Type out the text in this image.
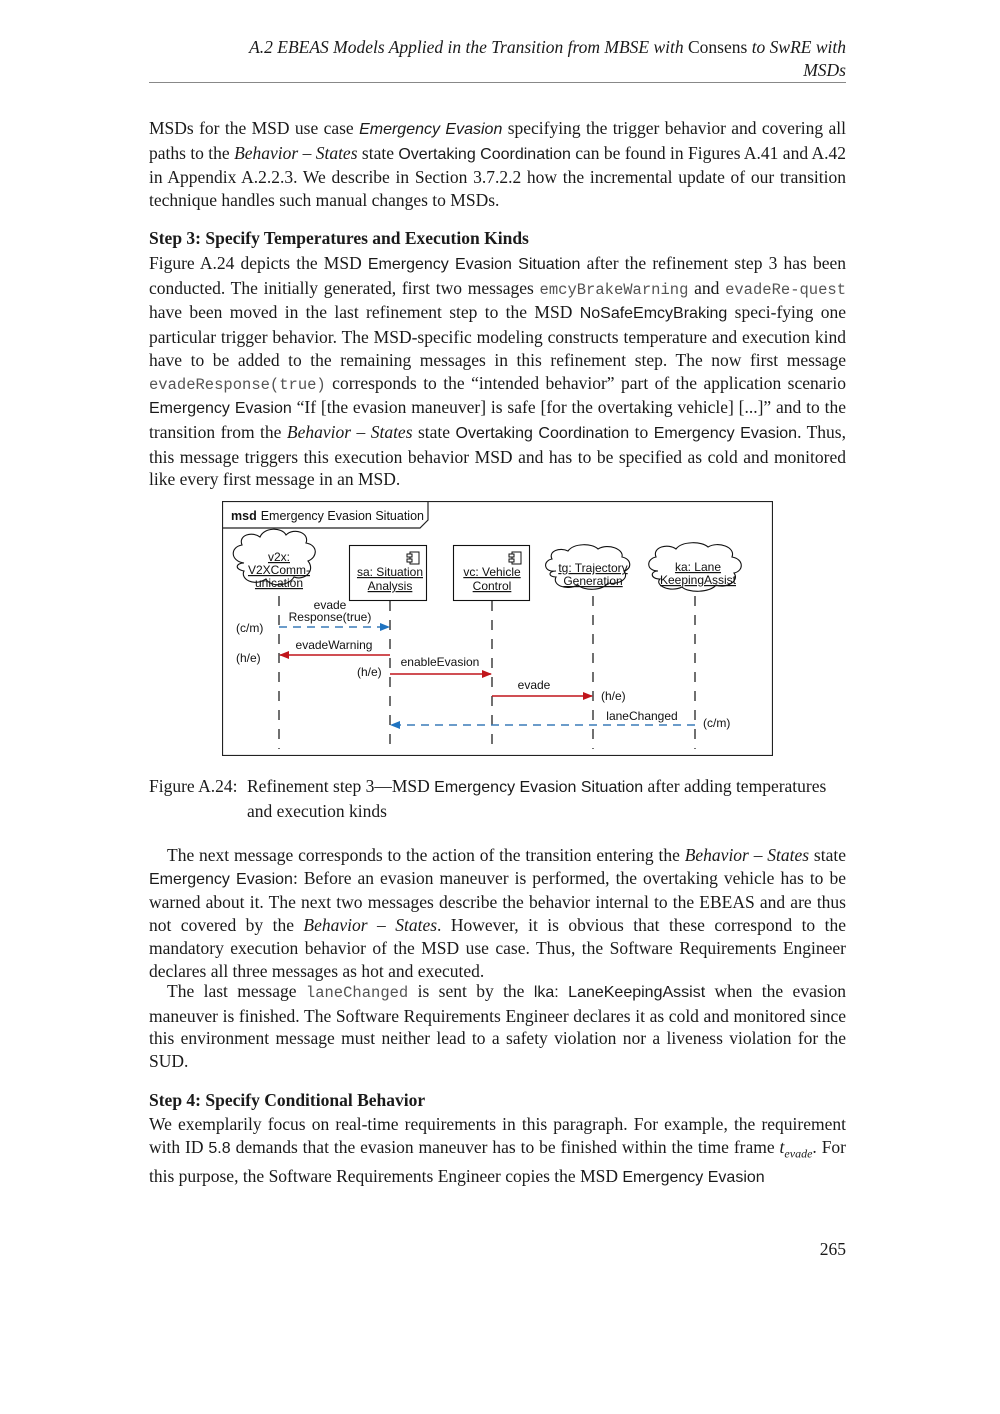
A.2 EBEAS Models Applied in the Transition from MBSE with Consens to SwRE with
MSDs
MSDs for the MSD use case Emergency Evasion specifying the trigger behavior and covering all paths to the Behavior – States state Overtaking Coordination can be found in Figures A.41 and A.42 in Appendix A.2.2.3. We describe in Section 3.7.2.2 how the incremental update of our transition technique handles such manual changes to MSDs.
Step 3: Specify Temperatures and Execution Kinds
Figure A.24 depicts the MSD Emergency Evasion Situation after the refinement step 3 has been conducted. The initially generated, first two messages emcyBrakeWarning and evadeRe-quest have been moved in the last refinement step to the MSD NoSafeEmcyBraking speci-fying one particular trigger behavior. The MSD-specific modeling constructs temperature and execution kind have to be added to the remaining messages in this refinement step. The now first message evadeResponse(true) corresponds to the “intended behavior” part of the application scenario Emergency Evasion “If [the evasion maneuver] is safe [for the overtaking vehicle] [...]” and to the transition from the Behavior – States state Overtaking Coordination to Emergency Evasion. Thus, this message triggers this execution behavior MSD and has to be specified as cold and monitored like every first message in an MSD.
Figure A.24: Refinement step 3—MSD Emergency Evasion Situation after adding temperatures and execution kinds
The next message corresponds to the action of the transition entering the Behavior – States state Emergency Evasion: Before an evasion maneuver is performed, the overtaking vehicle has to be warned about it. The next two messages describe the behavior internal to the EBEAS and are thus not covered by the Behavior – States. However, it is obvious that these correspond to the mandatory execution behavior of the MSD use case. Thus, the Software Requirements Engineer declares all three messages as hot and executed.
The last message laneChanged is sent by the lka: LaneKeepingAssist when the evasion maneuver is finished. The Software Requirements Engineer declares it as cold and monitored since this environment message must neither lead to a safety violation nor a liveness violation for the SUD.
Step 4: Specify Conditional Behavior
We exemplarily focus on real-time requirements in this paragraph. For example, the requirement with ID 5.8 demands that the evasion maneuver has to be finished within the time frame $t_{evade}$. For this purpose, the Software Requirements Engineer copies the MSD Emergency Evasion
265
msd Emergency Evasion Situation
v2x:
V2XComm-
unication
sa: Situation
Analysis
vc: Vehicle
Control
tg: Trajectory
Generation
ka: Lane
KeepingAssist
evade
Response(true)
(c/m)
evadeWarning
(h/e)	enableEvasion
(h/e)
evade
(h/e)
laneChanged (c/m)
